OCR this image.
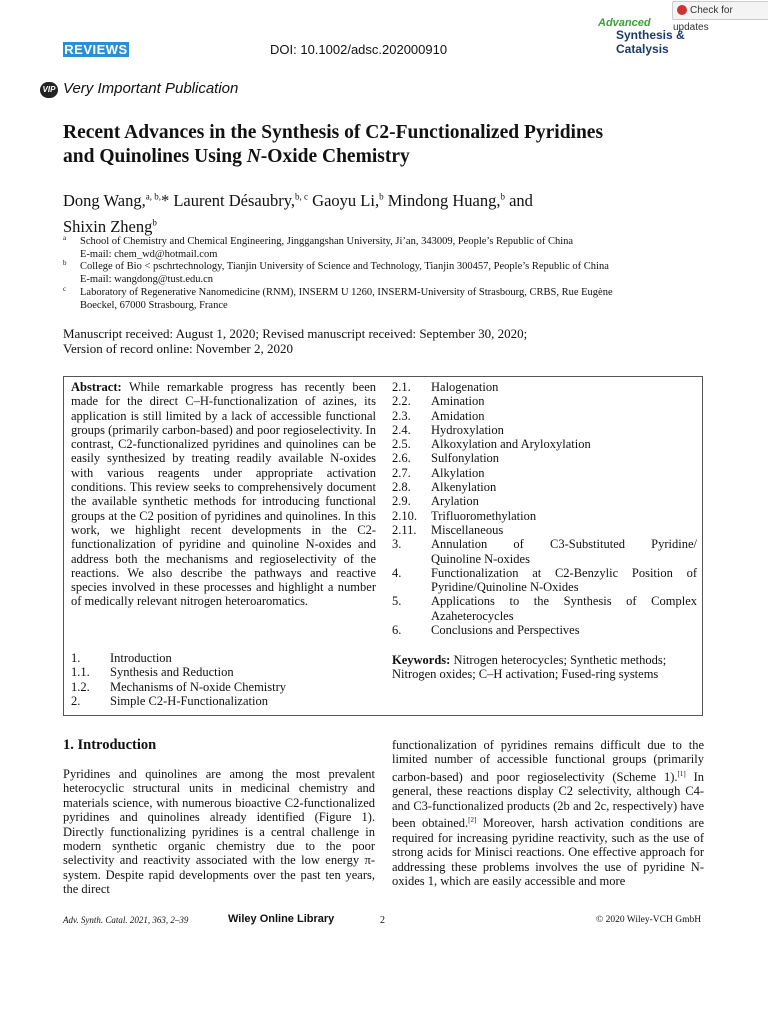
REVIEWS	DOI: 10.1002/adsc.202000910
Advanced
Synthesis &
Catalysis
Check for updates
VIP Very Important Publication
Recent Advances in the Synthesis of C2-Functionalized Pyridines
and Quinolines Using N-Oxide Chemistry
Dong Wang,$^{a, b,}$* Laurent Désaubry,$^{b, c}$ Gaoyu Li,$^b$ Mindong Huang,$^b$ and
Shixin Zheng$^b$
a School of Chemistry and Chemical Engineering, Jinggangshan University, Ji’an, 343009, People’s Republic of China
E-mail: chem_wd@hotmail.com
b College of Bio < pschrtechnology, Tianjin University of Science and Technology, Tianjin 300457, People’s Republic of China
E-mail: wangdong@tust.edu.cn
c Laboratory of Regenerative Nanomedicine (RNM), INSERM U 1260, INSERM-University of Strasbourg, CRBS, Rue Eugène
Boeckel, 67000 Strasbourg, France
Manuscript received: August 1, 2020; Revised manuscript received: September 30, 2020;
Version of record online: November 2, 2020
Abstract: While remarkable progress has recently been made for the direct C–H-functionalization of azines, its application is still limited by a lack of accessible functional groups (primarily carbon-based) and poor regioselectivity. In contrast, C2-functionalized pyridines and quinolines can be easily synthesized by treating readily available N-oxides with various reagents under appropriate activation conditions. This review seeks to comprehensively document the available synthetic methods for introducing functional groups at the C2 position of pyridines and quinolines. In this work, we highlight recent developments in the C2-functionalization of pyridine and quinoline N-oxides and address both the mechanisms and regioselectivity of the reactions. We also describe the pathways and reactive species involved in these processes and highlight a number of medically relevant nitrogen heteroaromatics.
1. Introduction
1.1. Synthesis and Reduction
1.2. Mechanisms of N-oxide Chemistry
2. Simple C2-H-Functionalization
2.1. Halogenation
2.2. Amination
2.3. Amidation
2.4. Hydroxylation
2.5. Alkoxylation and Aryloxylation
2.6. Sulfonylation
2.7. Alkylation
2.8. Alkenylation
2.9. Arylation
2.10. Trifluoromethylation
2.11. Miscellaneous
3. Annulation of C3-Substituted Pyridine/
Quinoline N-oxides
4. Functionalization at C2-Benzylic Position of
Pyridine/Quinoline N-Oxides
5. Applications to the Synthesis of Complex
Azaheterocycles
6. Conclusions and Perspectives
Keywords: Nitrogen heterocycles; Synthetic methods; Nitrogen oxides; C–H activation; Fused-ring systems
1. Introduction
Pyridines and quinolines are among the most prevalent heterocyclic structural units in medicinal chemistry and materials science, with numerous bioactive C2-functionalized pyridines and quinolines already identified (Figure 1). Directly functionalizing pyridines is a central challenge in modern synthetic organic chemistry due to the poor selectivity and reactivity associated with the low energy π-system. Despite rapid developments over the past ten years, the direct
functionalization of pyridines remains difficult due to the limited number of accessible functional groups (primarily carbon-based) and poor regioselectivity (Scheme 1).[1] In general, these reactions display C2 selectivity, although C4- and C3-functionalized products (2b and 2c, respectively) have been obtained.[2] Moreover, harsh activation conditions are required for increasing pyridine reactivity, such as the use of strong acids for Minisci reactions. One effective approach for addressing these problems involves the use of pyridine N-oxides 1, which are easily accessible and more
Adv. Synth. Catal. 2021, 363, 2–39	Wiley Online Library	2	© 2020 Wiley-VCH GmbH
